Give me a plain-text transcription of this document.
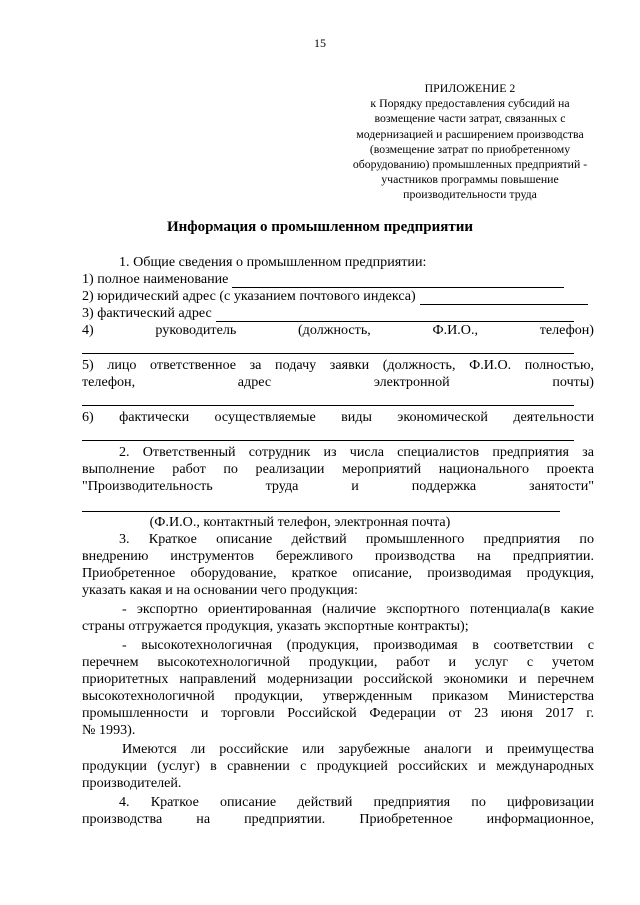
15
ПРИЛОЖЕНИЕ 2
к Порядку предоставления субсидий на
возмещение части затрат, связанных с
модернизацией и расширением производства
(возмещение затрат по приобретенному
оборудованию) промышленных предприятий -
участников программы повышение
производительности труда
Информация о промышленном предприятии
1. Общие сведения о промышленном предприятии:
1) полное наименование
2) юридический адрес (с указанием почтового индекса)
3) фактический адрес
4) руководитель (должность, Ф.И.О., телефон)
5) лицо ответственное за подачу заявки (должность, Ф.И.О. полностью,
телефон, адрес электронной почты)
6) фактически осуществляемые виды экономической деятельности
2. Ответственный сотрудник из числа специалистов предприятия за
выполнение работ по реализации мероприятий национального проекта
"Производительность труда и поддержка занятости"
(Ф.И.О., контактный телефон, электронная почта)
3. Краткое описание действий промышленного предприятия по
внедрению инструментов бережливого производства на предприятии.
Приобретенное оборудование, краткое описание, производимая продукция,
указать какая и на основании чего продукция:
- экспортно ориентированная (наличие экспортного потенциала(в какие
страны отгружается продукция, указать экспортные контракты);
- высокотехнологичная (продукция, производимая в соответствии с
перечнем высокотехнологичной продукции, работ и услуг с учетом
приоритетных направлений модернизации российской экономики и перечнем
высокотехнологичной продукции, утвержденным приказом Министерства
промышленности и торговли Российской Федерации от 23 июня 2017 г.
№ 1993).
Имеются ли российские или зарубежные аналоги и преимущества
продукции (услуг) в сравнении с продукцией российских и международных
производителей.
4. Краткое описание действий предприятия по цифровизации
производства на предприятии. Приобретенное информационное,
